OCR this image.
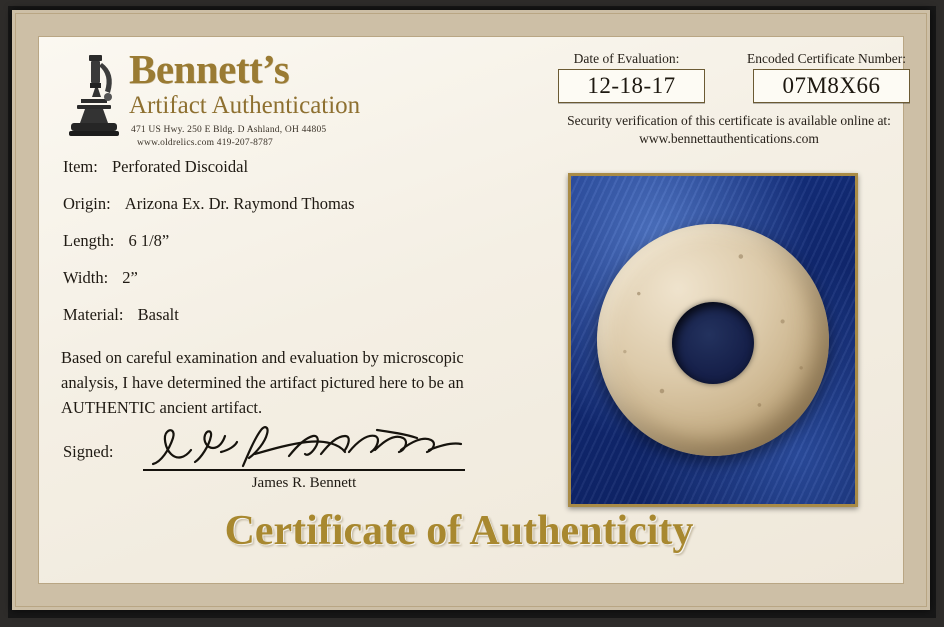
Bennett’s
Artifact Authentication
471 US Hwy. 250 E Bldg. D Ashland, OH 44805
www.oldrelics.com 419-207-8787
Date of Evaluation:
12-18-17
Encoded Certificate Number:
07M8X66
Security verification of this certificate is available online at:
www.bennettauthentications.com
Item: Perforated Discoidal
Origin: Arizona Ex. Dr. Raymond Thomas
Length: 6 1/8”
Width: 2”
Material: Basalt
Based on careful examination and evaluation by microscopic analysis, I have determined the artifact pictured here to be an AUTHENTIC ancient artifact.
Signed:
James R. Bennett
Certificate of Authenticity
